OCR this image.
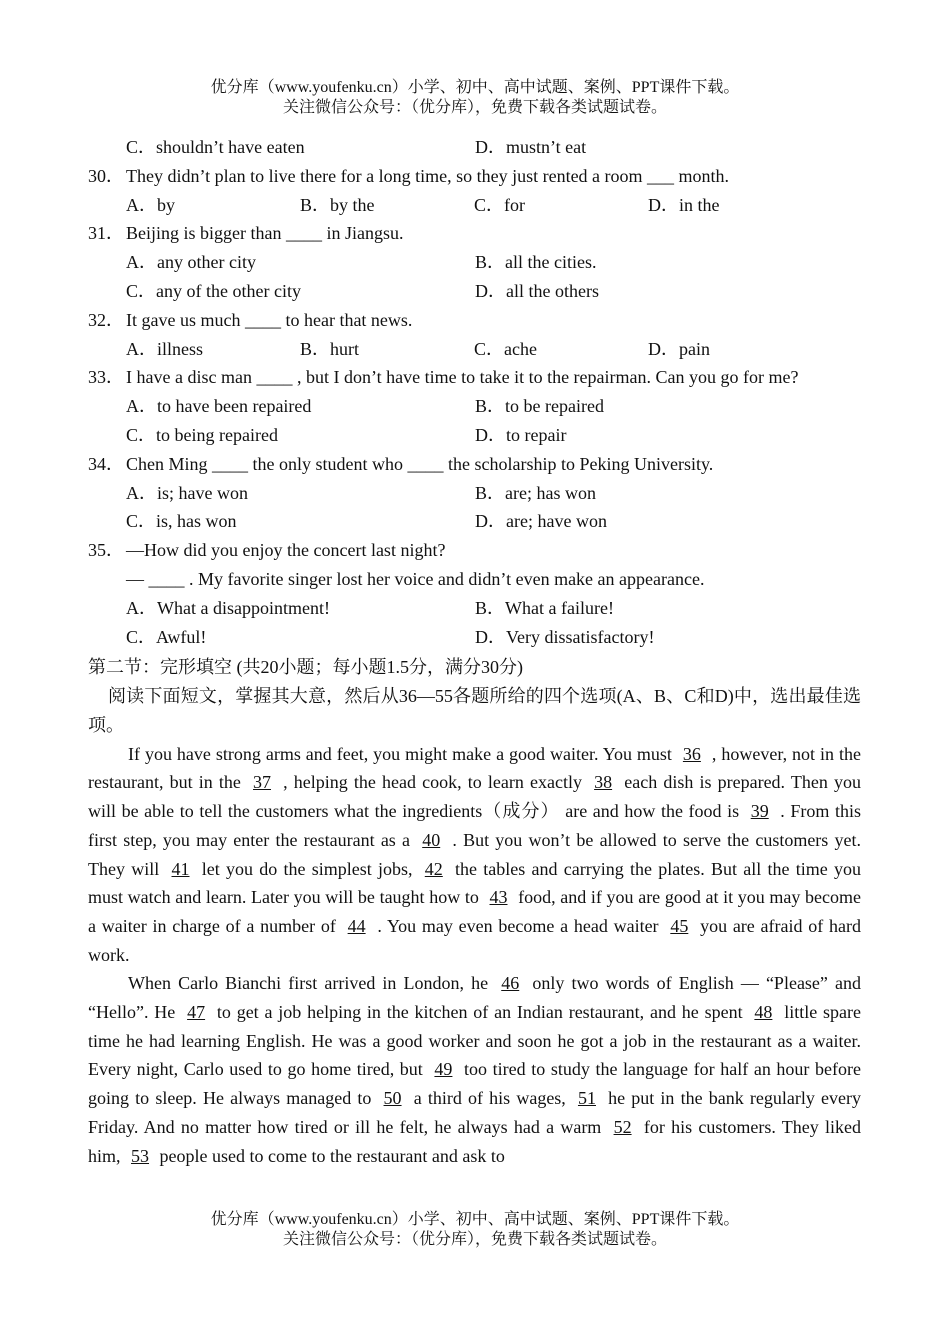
优分库（www.youfenku.cn）小学、初中、高中试题、案例、PPT课件下载。
关注微信公众号：（优分库），免费下载各类试题试卷。
C．shouldn’t have eaten	D．mustn’t eat
30． They didn’t plan to live there for a long time, so they just rented a room ___ month.
A．by	B．by the	C．for	D．in the
31． Beijing is bigger than ____ in Jiangsu.
A．any other city	B．all the cities.
C．any of the other city	D．all the others
32． It gave us much ____ to hear that news.
A．illness	B．hurt	C．ache	D．pain
33． I have a disc man ____ , but I don’t have time to take it to the repairman. Can you go for me?
A．to have been repaired	B．to be repaired
C．to being repaired	D．to repair
34． Chen Ming ____ the only student who ____ the scholarship to Peking University.
A．is; have won	B．are; has won
C．is, has won	D．are; have won
35． —How did you enjoy the concert last night?
— ____ . My favorite singer lost her voice and didn’t even make an appearance.
A．What a disappointment!	B．What a failure!
C．Awful!	D．Very dissatisfactory!
第二节：完形填空 (共20小题；每小题1.5分，满分30分)
阅读下面短文，掌握其大意，然后从36—55各题所给的四个选项(A、B、C和D)中，选出最佳选项。
If you have strong arms and feet, you might make a good waiter. You must 36 , however, not in the restaurant, but in the 37 , helping the head cook, to learn exactly 38 each dish is prepared. Then you will be able to tell the customers what the ingredients（成分） are and how the food is 39 . From this first step, you may enter the restaurant as a 40 . But you won’t be allowed to serve the customers yet. They will 41 let you do the simplest jobs, 42 the tables and carrying the plates. But all the time you must watch and learn. Later you will be taught how to 43 food, and if you are good at it you may become a waiter in charge of a number of 44 . You may even become a head waiter 45 you are afraid of hard work.
When Carlo Bianchi first arrived in London, he 46 only two words of English — “Please” and “Hello”. He 47 to get a job helping in the kitchen of an Indian restaurant, and he spent 48 little spare time he had learning English. He was a good worker and soon he got a job in the restaurant as a waiter. Every night, Carlo used to go home tired, but 49 too tired to study the language for half an hour before going to sleep. He always managed to 50 a third of his wages, 51 he put in the bank regularly every Friday. And no matter how tired or ill he felt, he always had a warm 52 for his customers. They liked him, 53 people used to come to the restaurant and ask to
优分库（www.youfenku.cn）小学、初中、高中试题、案例、PPT课件下载。
关注微信公众号：（优分库），免费下载各类试题试卷。
